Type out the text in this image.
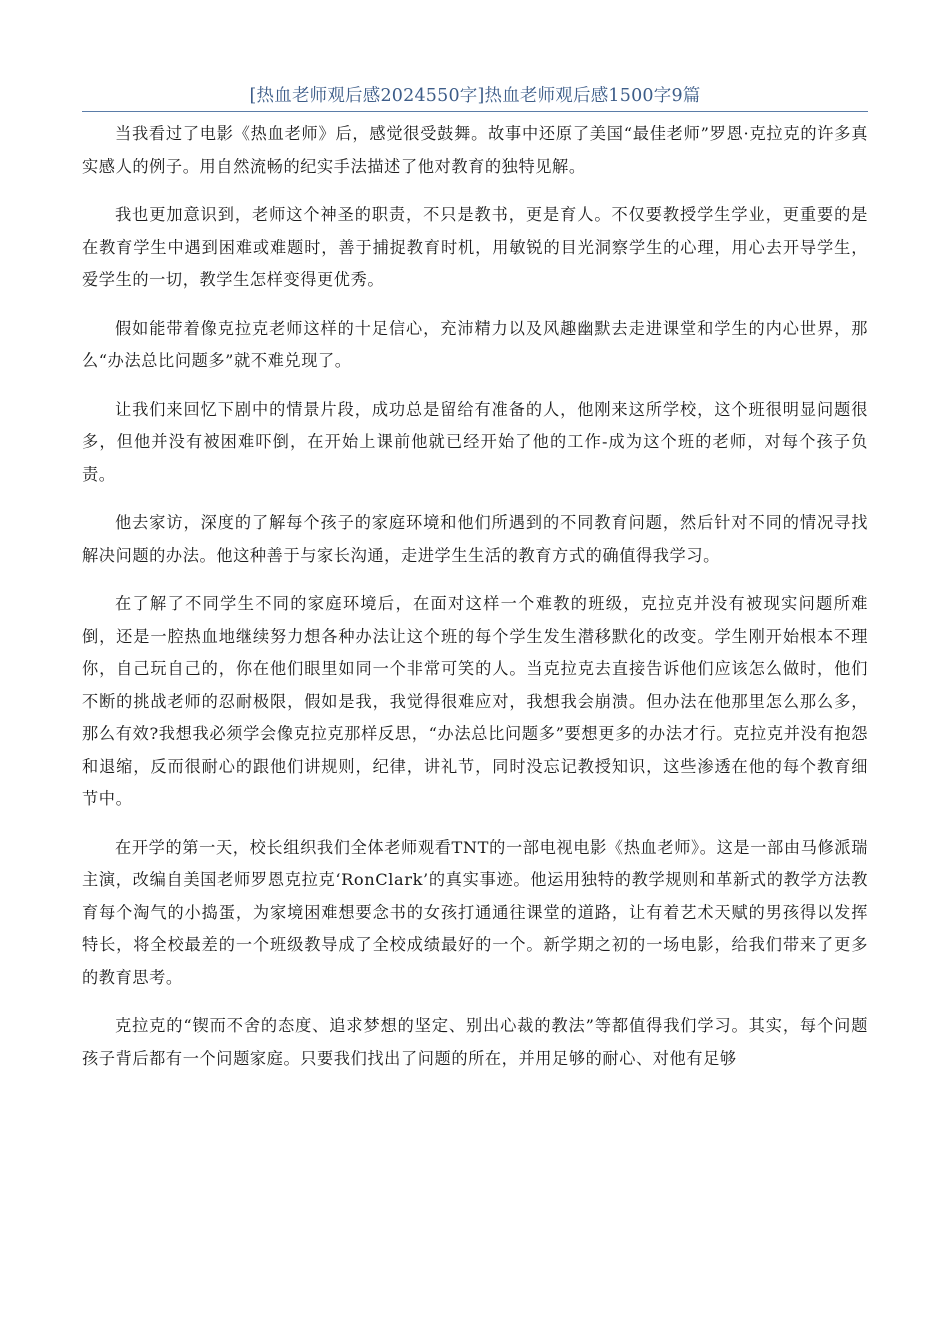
[热血老师观后感2024550字]热血老师观后感1500字9篇

当我看过了电影《热血老师》后，感觉很受鼓舞。故事中还原了美国“最佳老师”罗恩·克拉克的许多真实感人的例子。用自然流畅的纪实手法描述了他对教育的独特见解。

我也更加意识到，老师这个神圣的职责，不只是教书，更是育人。不仅要教授学生学业，更重要的是在教育学生中遇到困难或难题时，善于捕捉教育时机，用敏锐的目光洞察学生的心理，用心去开导学生，爱学生的一切，教学生怎样变得更优秀。

假如能带着像克拉克老师这样的十足信心，充沛精力以及风趣幽默去走进课堂和学生的内心世界，那么“办法总比问题多”就不难兑现了。

让我们来回忆下剧中的情景片段，成功总是留给有准备的人，他刚来这所学校，这个班很明显问题很多，但他并没有被困难吓倒，在开始上课前他就已经开始了他的工作-成为这个班的老师，对每个孩子负责。

他去家访，深度的了解每个孩子的家庭环境和他们所遇到的不同教育问题，然后针对不同的情况寻找解决问题的办法。他这种善于与家长沟通，走进学生生活的教育方式的确值得我学习。

在了解了不同学生不同的家庭环境后，在面对这样一个难教的班级，克拉克并没有被现实问题所难倒，还是一腔热血地继续努力想各种办法让这个班的每个学生发生潜移默化的改变。学生刚开始根本不理你，自己玩自己的，你在他们眼里如同一个非常可笑的人。当克拉克去直接告诉他们应该怎么做时，他们不断的挑战老师的忍耐极限，假如是我，我觉得很难应对，我想我会崩溃。但办法在他那里怎么那么多，那么有效?我想我必须学会像克拉克那样反思，“办法总比问题多”要想更多的办法才行。克拉克并没有抱怨和退缩，反而很耐心的跟他们讲规则，纪律，讲礼节，同时没忘记教授知识，这些渗透在他的每个教育细节中。

在开学的第一天，校长组织我们全体老师观看TNT的一部电视电影《热血老师》。这是一部由马修派瑞主演，改编自美国老师罗恩克拉克‘RonClark’的真实事迹。他运用独特的教学规则和革新式的教学方法教育每个淘气的小捣蛋，为家境困难想要念书的女孩打通通往课堂的道路，让有着艺术天赋的男孩得以发挥特长，将全校最差的一个班级教导成了全校成绩最好的一个。新学期之初的一场电影，给我们带来了更多的教育思考。

克拉克的“锲而不舍的态度、追求梦想的坚定、别出心裁的教法”等都值得我们学习。其实，每个问题孩子背后都有一个问题家庭。只要我们找出了问题的所在，并用足够的耐心、对他有足够
